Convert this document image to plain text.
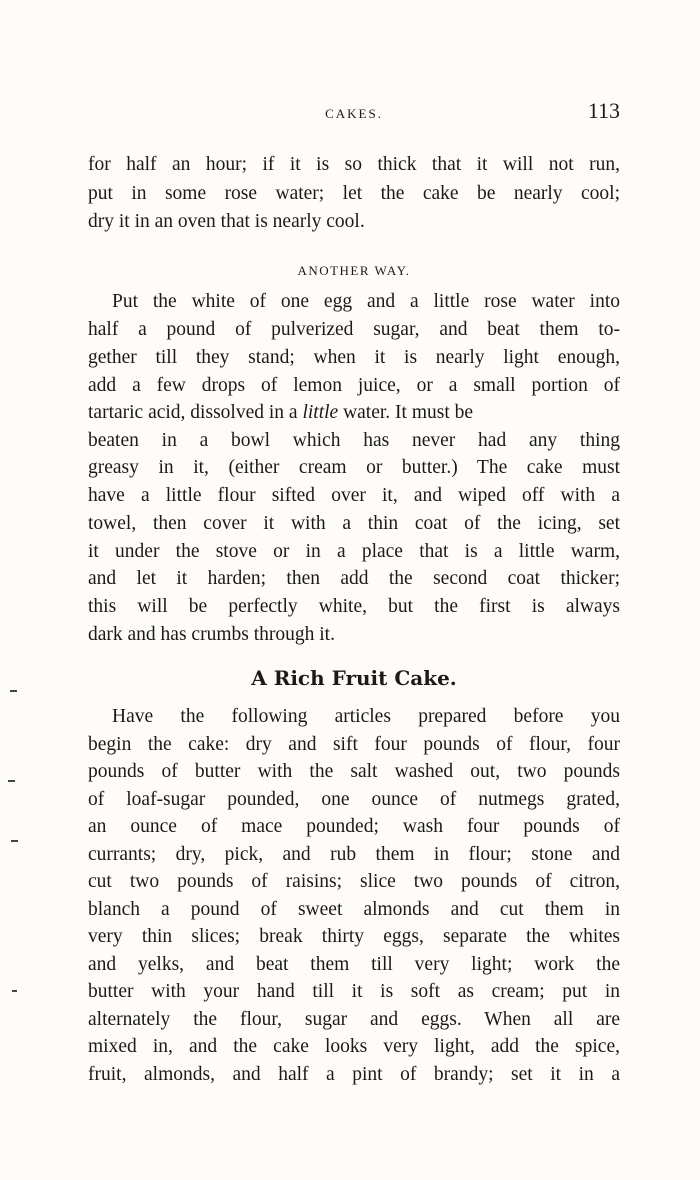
CAKES.	113
for half an hour; if it is so thick that it will not run,
put in some rose water; let the cake be nearly cool;
dry it in an oven that is nearly cool.
ANOTHER WAY.
Put the white of one egg and a little rose water into
half a pound of pulverized sugar, and beat them to-
gether till they stand; when it is nearly light enough,
add a few drops of lemon juice, or a small portion of
tartaric acid, dissolved in a little water. It must be
beaten in a bowl which has never had any thing
greasy in it, (either cream or butter.) The cake must
have a little flour sifted over it, and wiped off with a
towel, then cover it with a thin coat of the icing, set
it under the stove or in a place that is a little warm,
and let it harden; then add the second coat thicker;
this will be perfectly white, but the first is always
dark and has crumbs through it.
A Rich Fruit Cake.
Have the following articles prepared before you
begin the cake: dry and sift four pounds of flour, four
pounds of butter with the salt washed out, two pounds
of loaf-sugar pounded, one ounce of nutmegs grated,
an ounce of mace pounded; wash four pounds of
currants; dry, pick, and rub them in flour; stone and
cut two pounds of raisins; slice two pounds of citron,
blanch a pound of sweet almonds and cut them in
very thin slices; break thirty eggs, separate the whites
and yelks, and beat them till very light; work the
butter with your hand till it is soft as cream; put in
alternately the flour, sugar and eggs. When all are
mixed in, and the cake looks very light, add the spice,
fruit, almonds, and half a pint of brandy; set it in a
